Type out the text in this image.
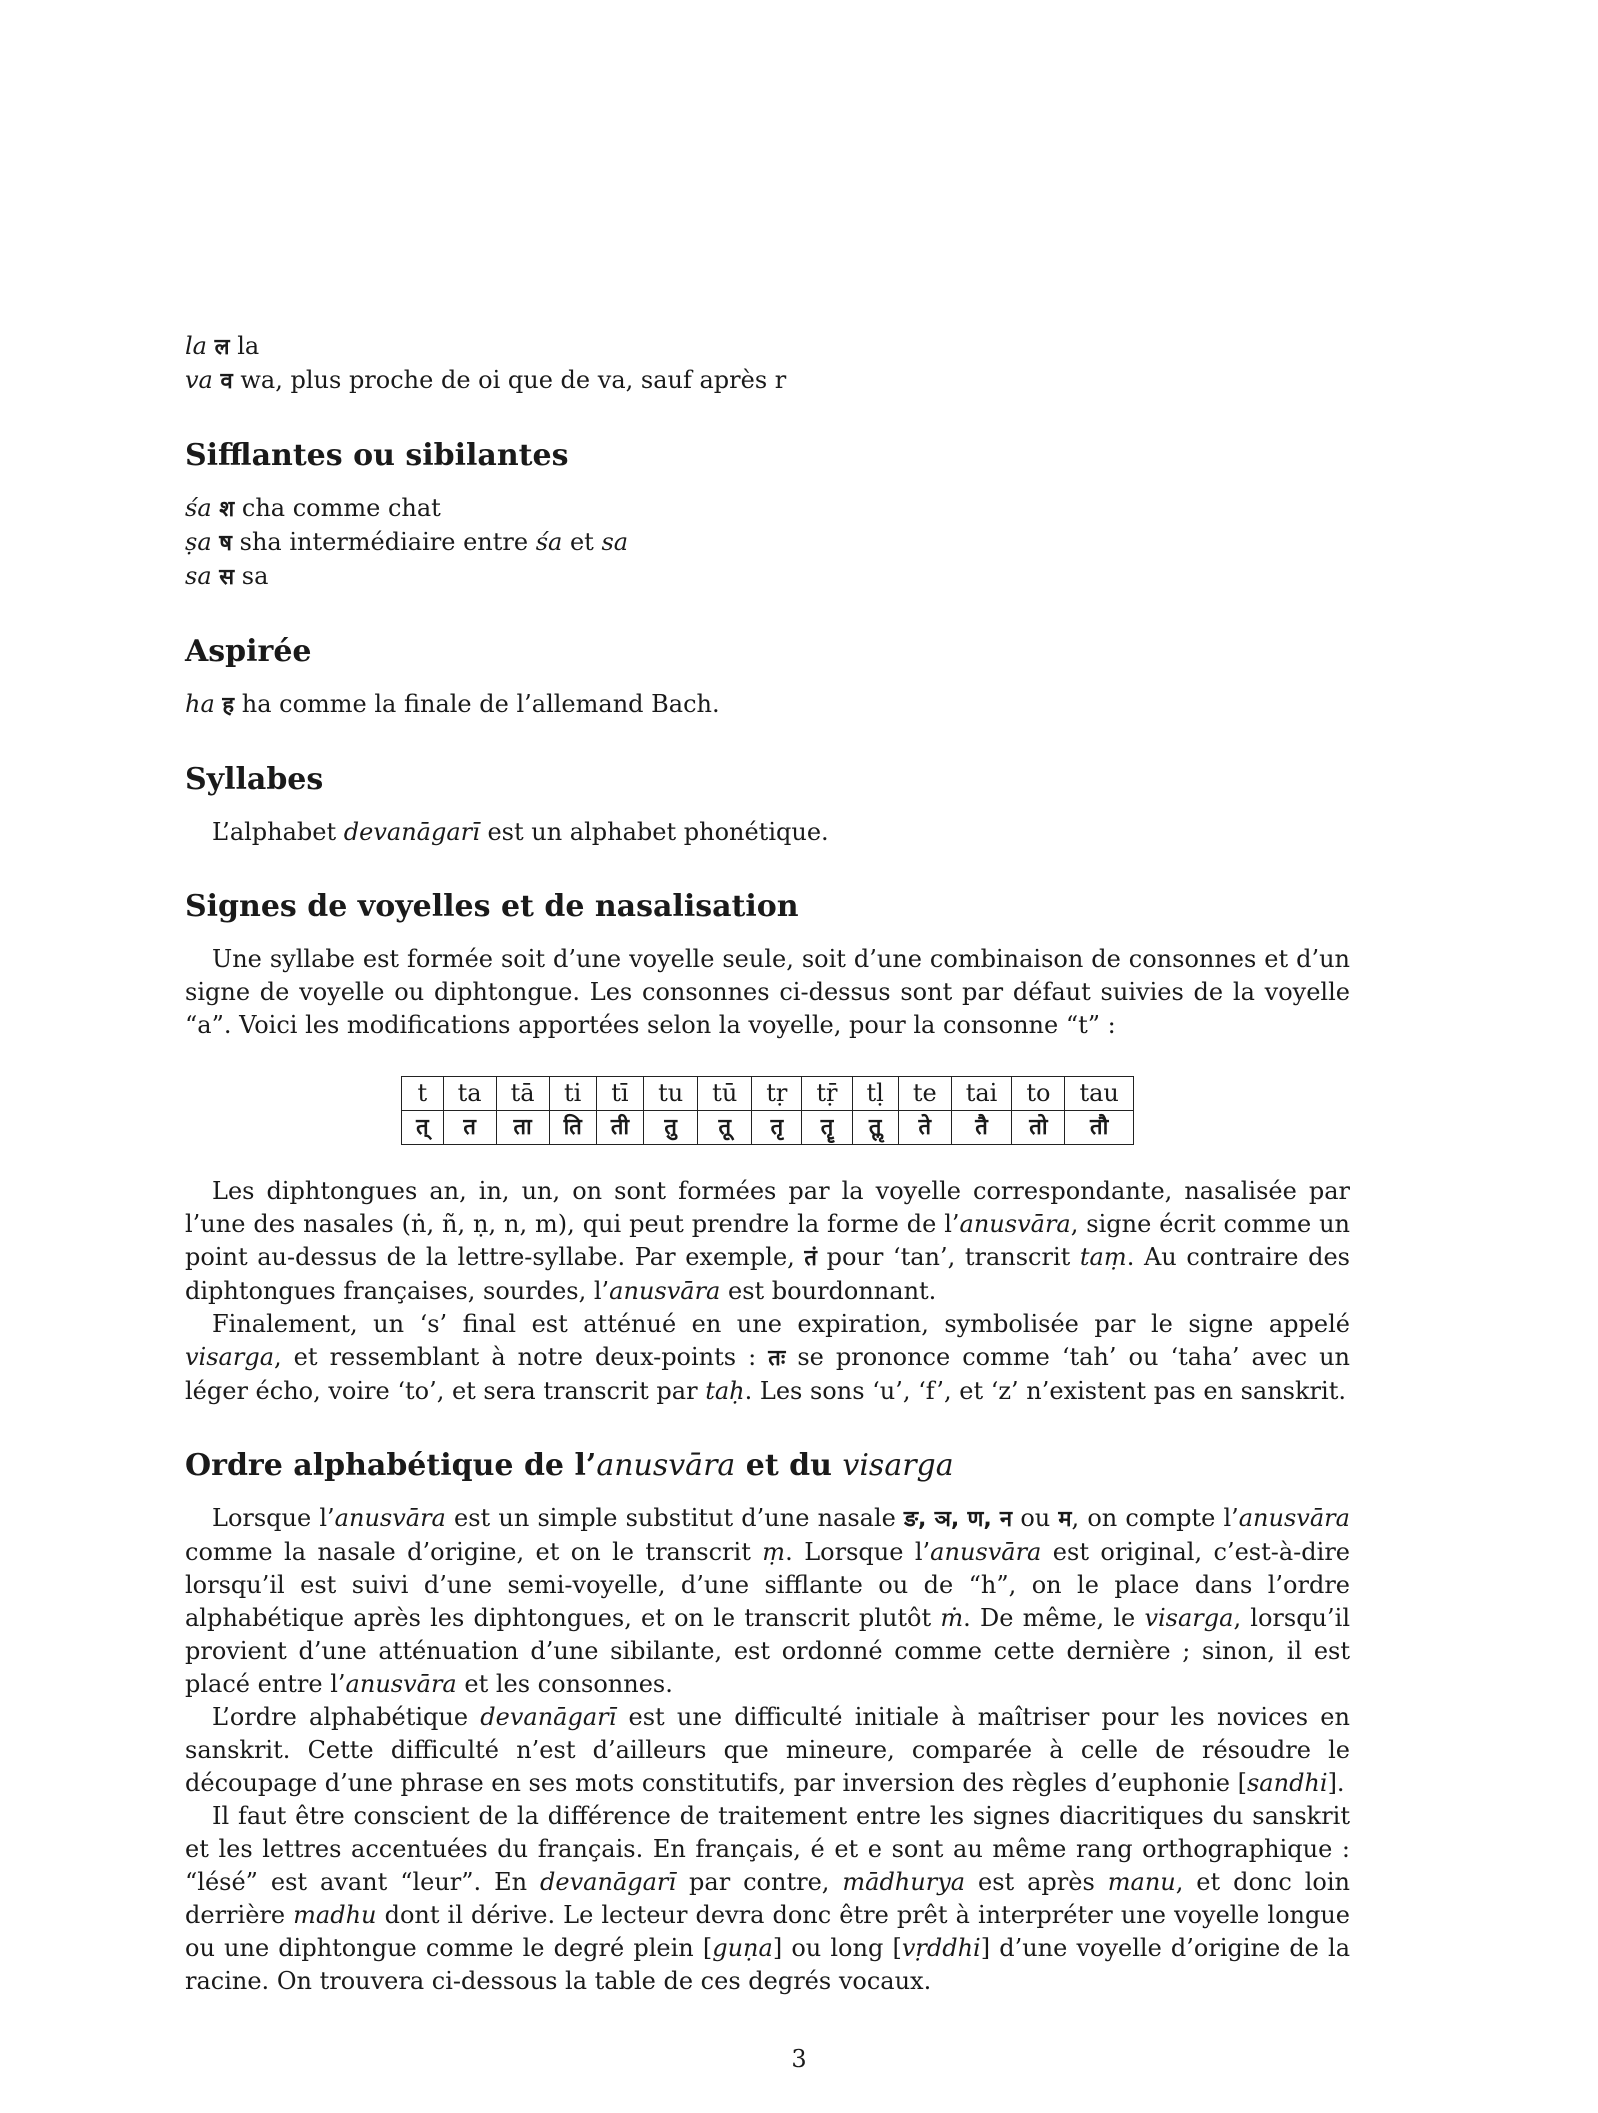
la ल la

va व wa, plus proche de oi que de va, sauf après r

Sifflantes ou sibilantes

śa श cha comme chat

ṣa ष sha intermédiaire entre śa et sa

sa स sa

Aspirée

ha ह ha comme la finale de l’allemand Bach.

Syllabes

L’alphabet devanāgarī est un alphabet phonétique.

Signes de voyelles et de nasalisation

Une syllabe est formée soit d’une voyelle seule, soit d’une combinaison de consonnes et d’un signe de voyelle ou diphtongue. Les consonnes ci-dessus sont par défaut suivies de la voyelle “a”. Voici les modifications apportées selon la voyelle, pour la consonne “t” :

t	ta	tā	ti	tī	tu	tū	tṛ	tṝ	tḷ	te	tai	to	tau
त्	त	ता	ति	ती	तु	तू	तृ	तॄ	तॢ	ते	तै	तो	तौ

Les diphtongues an, in, un, on sont formées par la voyelle correspondante, nasalisée par l’une des nasales (ṅ, ñ, ṇ, n, m), qui peut prendre la forme de l’anusvāra, signe écrit comme un point au-dessus de la lettre-syllabe. Par exemple, तं pour ‘tan’, transcrit taṃ. Au contraire des diphtongues françaises, sourdes, l’anusvāra est bourdonnant.

Finalement, un ‘s’ final est atténué en une expiration, symbolisée par le signe appelé visarga, et ressemblant à notre deux-points : तः se prononce comme ‘tah’ ou ‘taha’ avec un léger écho, voire ‘to’, et sera transcrit par taḥ. Les sons ‘u’, ‘f’, et ‘z’ n’existent pas en sanskrit.

Ordre alphabétique de l’anusvāra et du visarga

Lorsque l’anusvāra est un simple substitut d’une nasale ङ, ञ, ण, न ou म, on compte l’anusvāra comme la nasale d’origine, et on le transcrit ṃ. Lorsque l’anusvāra est original, c’est-à-dire lorsqu’il est suivi d’une semi-voyelle, d’une sifflante ou de “h”, on le place dans l’ordre alphabétique après les diphtongues, et on le transcrit plutôt ṁ. De même, le visarga, lorsqu’il provient d’une atténuation d’une sibilante, est ordonné comme cette dernière ; sinon, il est placé entre l’anusvāra et les consonnes.

L’ordre alphabétique devanāgarī est une difficulté initiale à maîtriser pour les novices en sanskrit. Cette difficulté n’est d’ailleurs que mineure, comparée à celle de résoudre le découpage d’une phrase en ses mots constitutifs, par inversion des règles d’euphonie [sandhi].

Il faut être conscient de la différence de traitement entre les signes diacritiques du sanskrit et les lettres accentuées du français. En français, é et e sont au même rang orthographique : “lésé” est avant “leur”. En devanāgarī par contre, mādhurya est après manu, et donc loin derrière madhu dont il dérive. Le lecteur devra donc être prêt à interpréter une voyelle longue ou une diphtongue comme le degré plein [guṇa] ou long [vṛddhi] d’une voyelle d’origine de la racine. On trouvera ci-dessous la table de ces degrés vocaux.

3
